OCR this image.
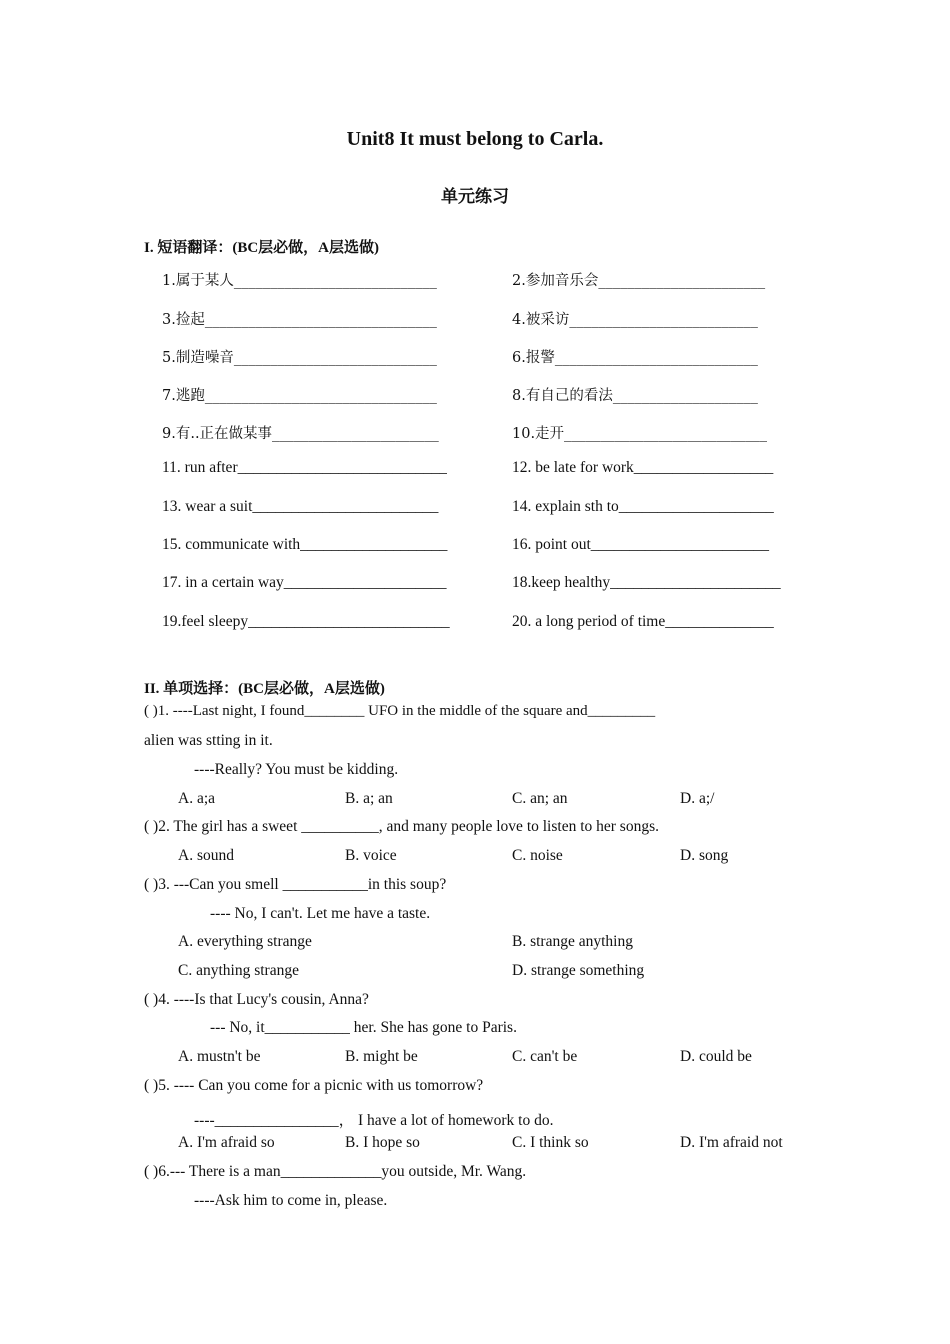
Unit8 It must belong to Carla.
单元练习
I. 短语翻译：(BC层必做，A层选做)
1.属于某人____________________________	2.参加音乐会_______________________
3.捡起________________________________	4.被采访__________________________
5.制造噪音____________________________	6.报警____________________________
7.逃跑________________________________	8.有自己的看法____________________
9.有..正在做某事_______________________	10.走开____________________________
11. run after___________________________	12. be late for work__________________
13. wear a suit________________________	14. explain sth to____________________
15. communicate with___________________	16. point out_______________________
17. in a certain way_____________________	18.keep healthy______________________
19.feel sleepy__________________________	20. a long period of time______________
II. 单项选择：(BC层必做，A层选做)
( )1. ----Last night, I found________ UFO in the middle of the square and_________
alien was stting in it.
----Really? You must be kidding.
A. a;a	B. a; an	C. an; an	D. a;/
( )2. The girl has a sweet __________, and many people love to listen to her songs.
A. sound	B. voice	C. noise	D. song
( )3. ---Can you smell ___________in this soup?
---- No, I can't. Let me have a taste.
A. everything strange	B. strange anything
C. anything strange	D. strange something
( )4. ----Is that Lucy's cousin, Anna?
--- No, it___________ her. She has gone to Paris.
A. mustn't be	B. might be	C. can't be	D. could be
( )5. ---- Can you come for a picnic with us tomorrow?
----________________， I have a lot of homework to do.
A. I'm afraid so	B. I hope so	C. I think so	D. I'm afraid not
( )6.--- There is a man_____________you outside, Mr. Wang.
----Ask him to come in, please.
